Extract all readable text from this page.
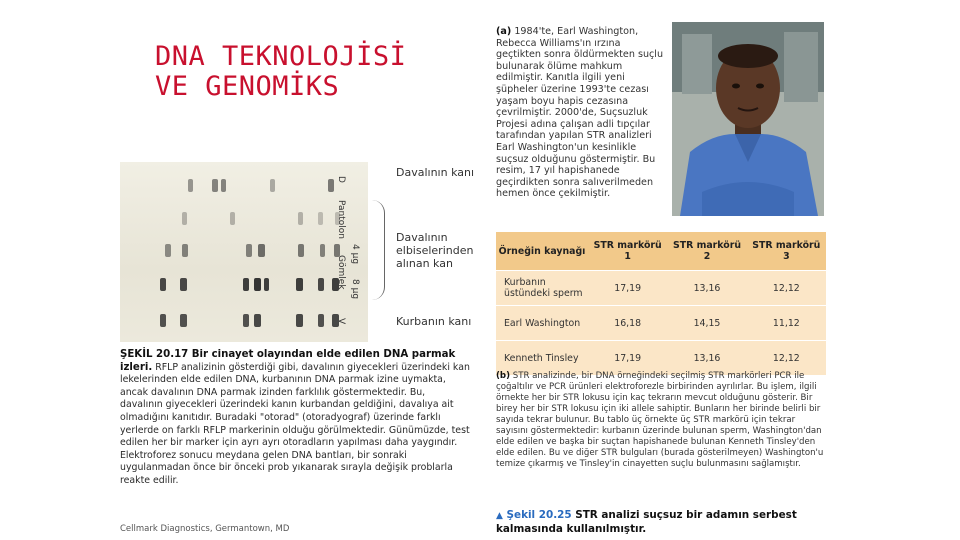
DNA TEKNOLOJİSİ
VE GENOMİKS
D
Pantolon
4 μg
Gömlek 8 μg
V
Davalının kanı
Davalının elbiselerinden alınan kan
Kurbanın kanı
ŞEKİL 20.17 Bir cinayet olayından elde edilen DNA parmak izleri. RFLP analizinin gösterdiği gibi, davalının giyecekleri üzerindeki kan lekelerinden elde edilen DNA, kurbanının DNA parmak izine uymakta, ancak davalının DNA parmak izinden farklılık göstermektedir. Bu, davalının giyecekleri üzerindeki kanın kurbandan geldiğini, davalıya ait olmadığını kanıtıdır. Buradaki "otorad" (otoradyograf) üzerinde farklı yerlerde on farklı RFLP markerinin olduğu görülmektedir. Günümüzde, test edilen her bir marker için ayrı ayrı otoradların yapılması daha yaygındır. Elektroforez sonucu meydana gelen DNA bantları, bir sonraki uygulanmadan önce bir önceki prob yıkanarak sırayla değişik problarla reakte edilir.
Cellmark Diagnostics, Germantown, MD
(a) 1984'te, Earl Washington, Rebecca Williams'ın ırzına geçtikten sonra öldürmekten suçlu bulunarak ölüme mahkum edilmiştir. Kanıtla ilgili yeni şüpheler üzerine 1993'te cezası yaşam boyu hapis cezasına çevrilmiştir. 2000'de, Suçsuzluk Projesi adına çalışan adli tıpçılar tarafından yapılan STR analizleri Earl Washington'un kesinlikle suçsuz olduğunu göstermiştir. Bu resim, 17 yıl hapishanede geçirdikten sonra salıverilmeden hemen önce çekilmiştir.
Örneğin kaynağı	STR markörü 1	STR markörü 2	STR markörü 3
Kurbanın üstündeki sperm	17,19	13,16	12,12
Earl Washington	16,18	14,15	11,12
Kenneth Tinsley	17,19	13,16	12,12
(b) STR analizinde, bir DNA örneğindeki seçilmiş STR markörleri PCR ile çoğaltılır ve PCR ürünleri elektroforezle birbirinden ayrılırlar. Bu işlem, ilgili örnekte her bir STR lokusu için kaç tekrarın mevcut olduğunu gösterir. Bir birey her bir STR lokusu için iki allele sahiptir. Bunların her birinde belirli bir sayıda tekrar bulunur. Bu tablo üç örnekte üç STR markörü için tekrar sayısını göstermektedir: kurbanın üzerinde bulunan sperm, Washington'dan elde edilen ve başka bir suçtan hapishanede bulunan Kenneth Tinsley'den elde edilen. Bu ve diğer STR bulguları (burada gösterilmeyen) Washington'u temize çıkarmış ve Tinsley'in cinayetten suçlu bulunmasını sağlamıştır.
▲ Şekil 20.25 STR analizi suçsuz bir adamın serbest kalmasında kullanılmıştır.
